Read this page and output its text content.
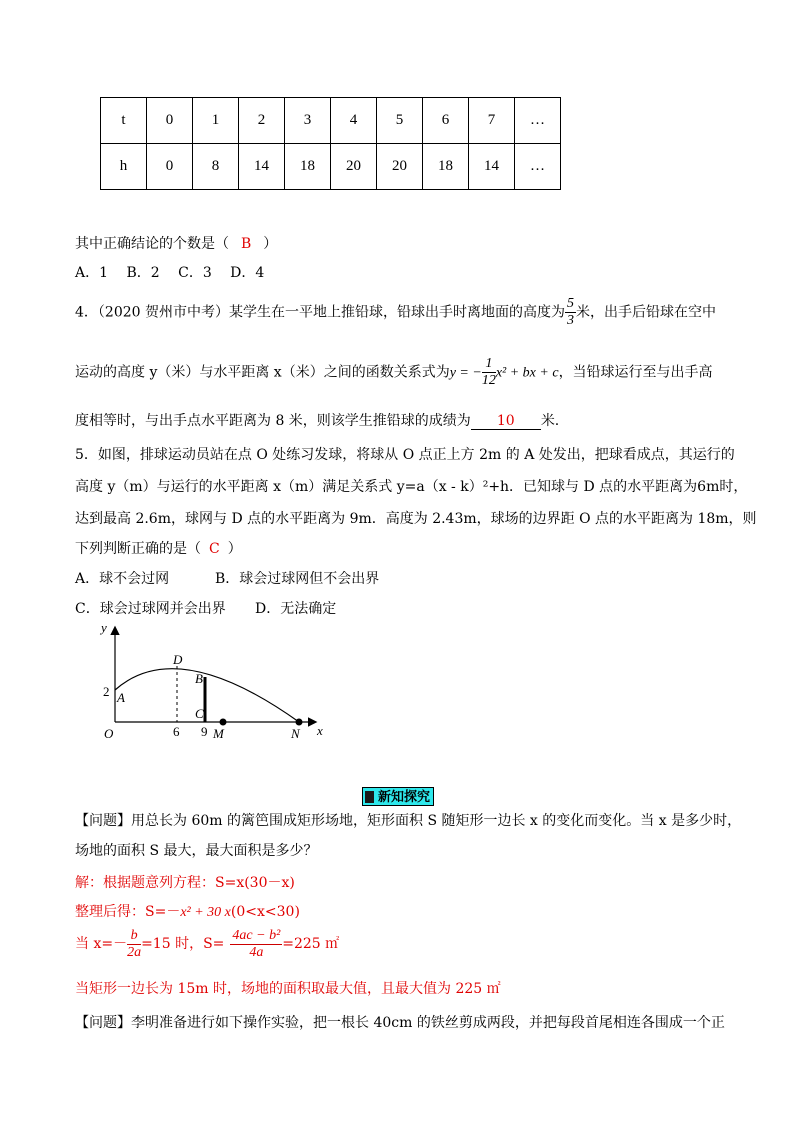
t	0	1	2	3	4	5	6	7	…
h	0	8	14	18	20	20	18	14	…
其中正确结论的个数是（ B ）
A．1　 B．2　 C．3　 D．4
4．（2020 贺州市中考）某学生在一平地上推铅球，铅球出手时离地面的高度为 $\frac{5}{3}$ 米，出手后铅球在空中
运动的高度 y（米）与水平距离 x（米）之间的函数关系式为y = − $\frac{1}{12} x^2$ + bx + c，当铅球运行至与出手高
度相等时，与出手点水平距离为 8 米，则该学生推铅球的成绩为 10 米.
5．如图，排球运动员站在点 O 处练习发球，将球从 O 点正上方 2m 的 A 处发出，把球看成点，其运行的
高度 y（m）与运行的水平距离 x（m）满足关系式 y=a（x - k）²+h．已知球与 D 点的水平距离为6m时，
达到最高 2.6m，球网与 D 点的水平距离为 9m．高度为 2.43m，球场的边界距 O 点的水平距离为 18m，则
下列判断正确的是（ C ）
A．球不会过网	B．球会过球网但不会出界
C．球会过球网并会出界 D．无法确定
y
x
O
2 A
D
B
C
6 9 M	N
新知探究
【问题】用总长为 60m 的篱笆围成矩形场地，矩形面积 S 随矩形一边长 x 的变化而变化。当 x 是多少时，
场地的面积 S 最大，最大面积是多少？
解：根据题意列方程：S=x(30－x)
整理后得：S=－x² + 30 x(0<x<30)
当 $x=- \frac{b}{2a} =15$ 时，$S= \frac{\text{4ac − b²}}{4a} =225$ ㎡
当矩形一边长为 15m 时，场地的面积取最大值，且最大值为 225 ㎡
【问题】李明准备进行如下操作实验，把一根长 40cm 的铁丝剪成两段，并把每段首尾相连各围成一个正
